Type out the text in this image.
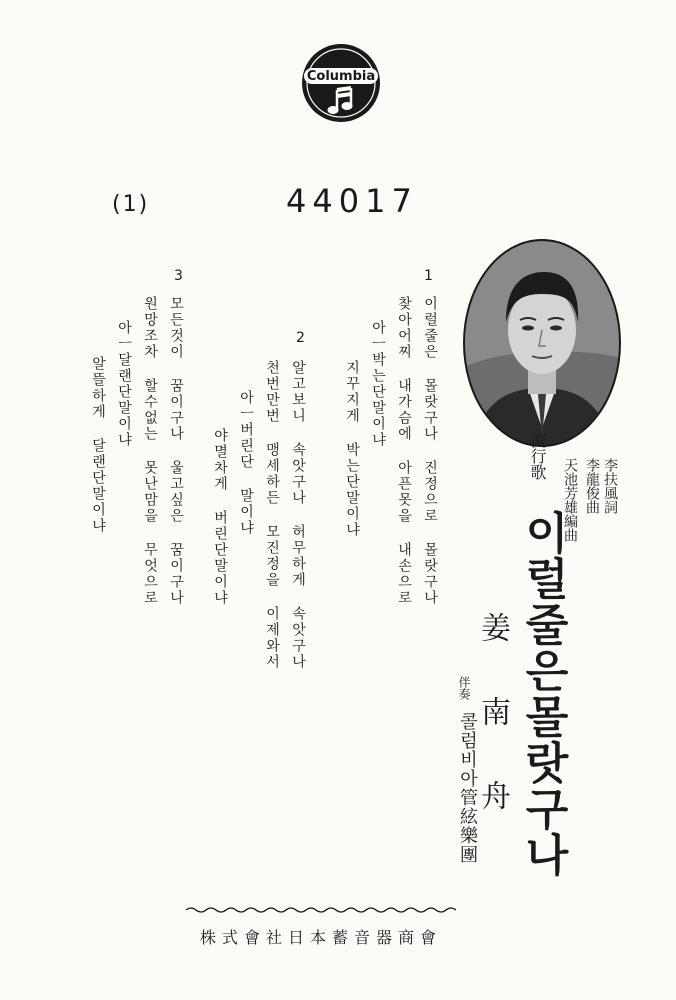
Columbia
(1)	44017
1
2
3
이럴줄은 몰랏구나 진정으로 몰랏구나
찾아어찌 내가슴에 아픈못을 내손으로
아ㅡ박는단말이냐
지꾸지게 박는단말이냐
알고보니 속앗구나 허무하게 속앗구나
천번만번 맹세하든 모진정을 이제와서
아ㅡ버린단 말이냐
야멸차게 버린단말이냐
모든것이 꿈이구나 울고싶은 꿈이구나
원망조차 할수없는 못난맘을 무엇으로
아ㅡ달랜단말이냐
알뜰하게 달랜단말이냐	流行歌
李扶風詞
李龍俊曲
天池芳雄編曲
이럴줄은몰랏구나
姜南舟
伴奏
콜럼비아管絃樂團
株式會社日本蓄音器商會
